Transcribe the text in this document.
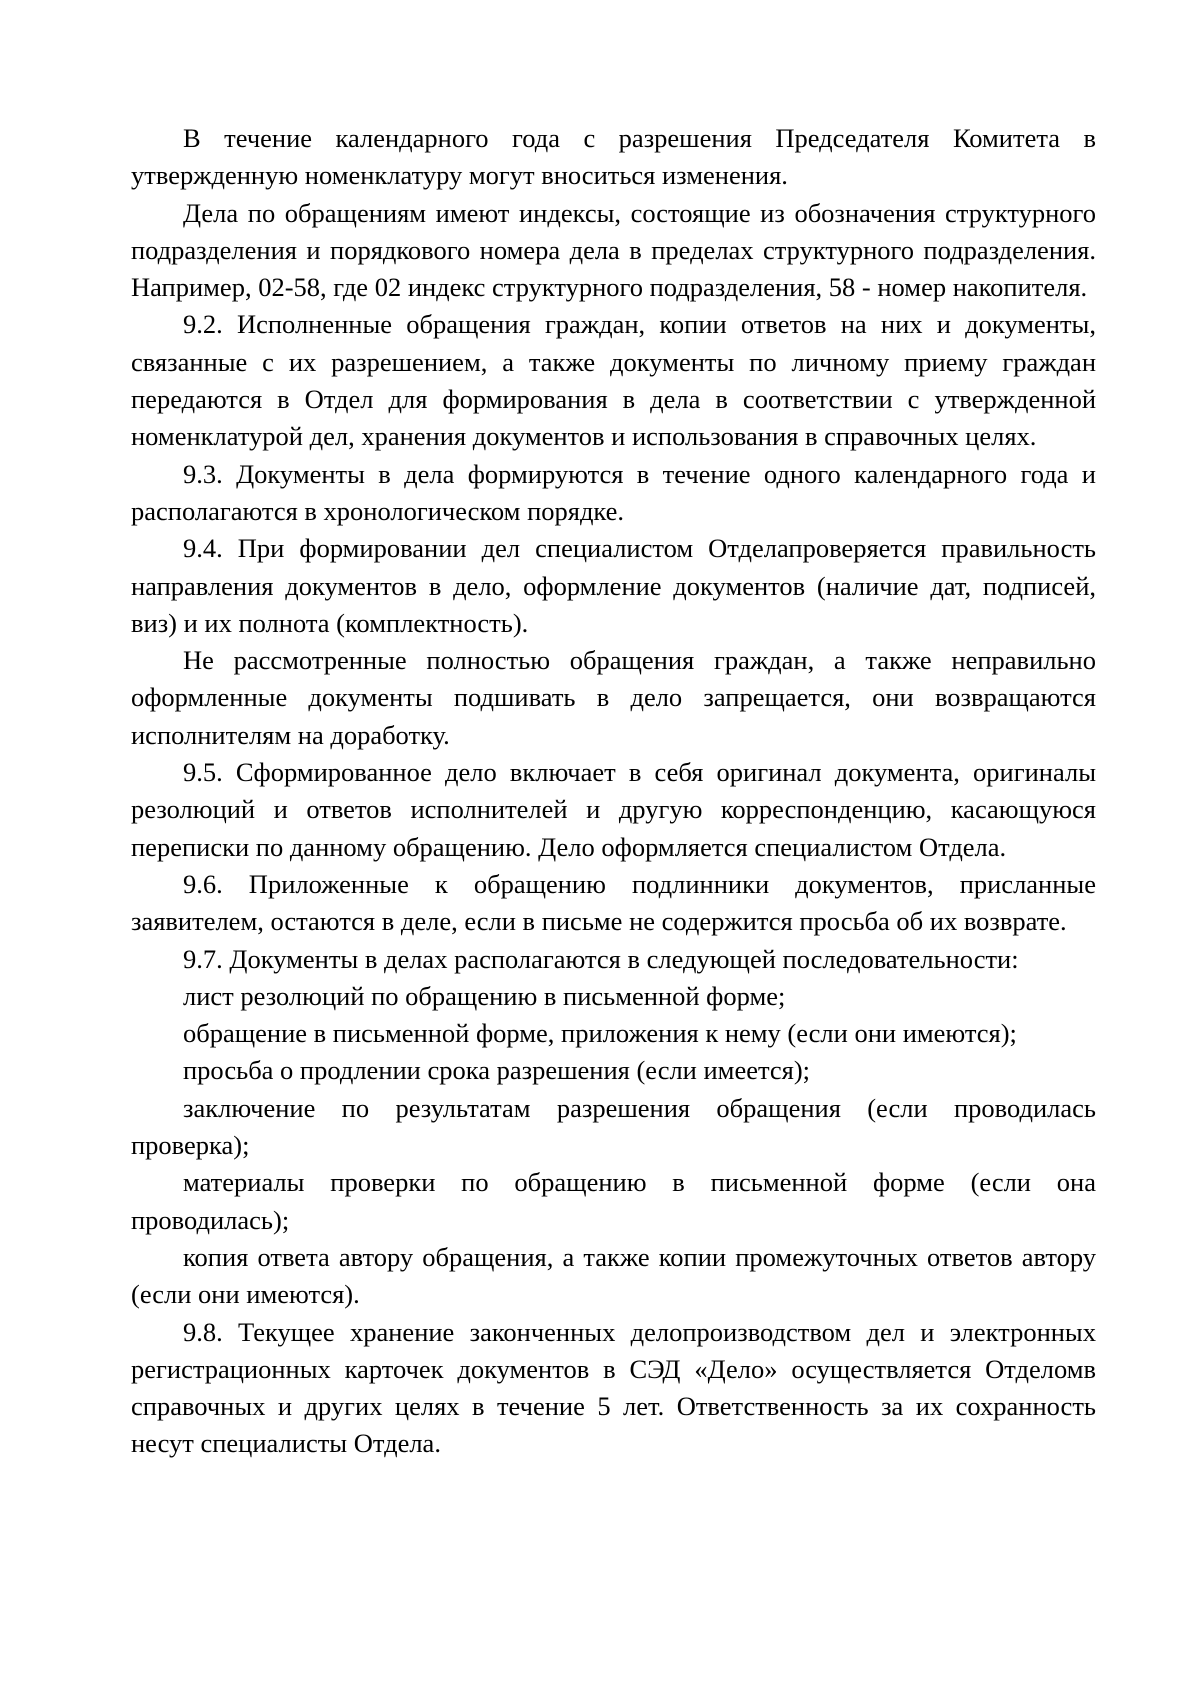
В течение календарного года с разрешения Председателя Комитета в утвержденную номенклатуру могут вноситься изменения.

Дела по обращениям имеют индексы, состоящие из обозначения структурного подразделения и порядкового номера дела в пределах структурного подразделения. Например, 02-58, где 02 индекс структурного подразделения, 58 - номер накопителя.

9.2. Исполненные обращения граждан, копии ответов на них и документы, связанные с их разрешением, а также документы по личному приему граждан передаются в Отдел для формирования в дела в соответствии с утвержденной номенклатурой дел, хранения документов и использования в справочных целях.

9.3. Документы в дела формируются в течение одного календарного года и располагаются в хронологическом порядке.

9.4. При формировании дел специалистом Отделапроверяется правильность направления документов в дело, оформление документов (наличие дат, подписей, виз) и их полнота (комплектность).

Не рассмотренные полностью обращения граждан, а также неправильно оформленные документы подшивать в дело запрещается, они возвращаются исполнителям на доработку.

9.5. Сформированное дело включает в себя оригинал документа, оригиналы резолюций и ответов исполнителей и другую корреспонденцию, касающуюся переписки по данному обращению. Дело оформляется специалистом Отдела.

9.6. Приложенные к обращению подлинники документов, присланные заявителем, остаются в деле, если в письме не содержится просьба об их возврате.

9.7. Документы в делах располагаются в следующей последовательности:

лист резолюций по обращению в письменной форме;

обращение в письменной форме, приложения к нему (если они имеются);

просьба о продлении срока разрешения (если имеется);

заключение по результатам разрешения обращения (если проводилась проверка);

материалы проверки по обращению в письменной форме (если она проводилась);

копия ответа автору обращения, а также копии промежуточных ответов автору (если они имеются).

9.8. Текущее хранение законченных делопроизводством дел и электронных регистрационных карточек документов в СЭД «Дело» осуществляется Отделомв справочных и других целях в течение 5 лет. Ответственность за их сохранность несут специалисты Отдела.
